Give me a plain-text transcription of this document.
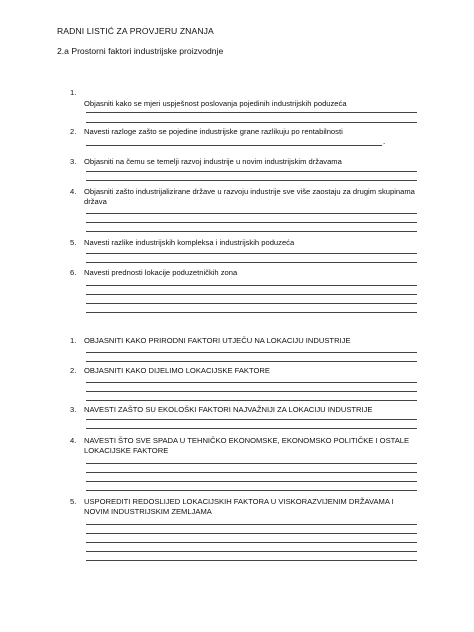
RADNI LISTIĆ ZA PROVJERU ZNANJA
2.a Prostorni faktori industrijske proizvodnje
1.
Objasniti kako se mjeri uspješnost poslovanja pojedinih industrijskih poduzeća
2. Navesti razloge zašto se pojedine industrijske grane razlikuju po rentabilnosti
.
3. Objasniti na čemu se temelji razvoj industrije u novim industrijskim državama
4. Objasniti zašto industrijalizirane države u razvoju industrije sve više zaostaju za drugim skupinama država
5. Navesti razlike industrijskih kompleksa i industrijskih poduzeća
6. Navesti prednosti lokacije poduzetničkih zona
1. OBJASNITI KAKO PRIRODNI FAKTORI UTJEČU NA LOKACIJU INDUSTRIJE
2. OBJASNITI KAKO DIJELIMO LOKACIJSKE FAKTORE
3. NAVESTI ZAŠTO SU EKOLOŠKI FAKTORI NAJVAŽNIJI ZA LOKACIJU INDUSTRIJE
4. NAVESTI ŠTO SVE SPADA U TEHNIČKO EKONOMSKE, EKONOMSKO POLITIČKE I OSTALE LOKACIJSKE FAKTORE
5. USPOREDITI REDOSLIJED LOKACIJSKIH FAKTORA U VISKORAZVIJENIM DRŽAVAMA I NOVIM INDUSTRIJSKIM ZEMLJAMA
